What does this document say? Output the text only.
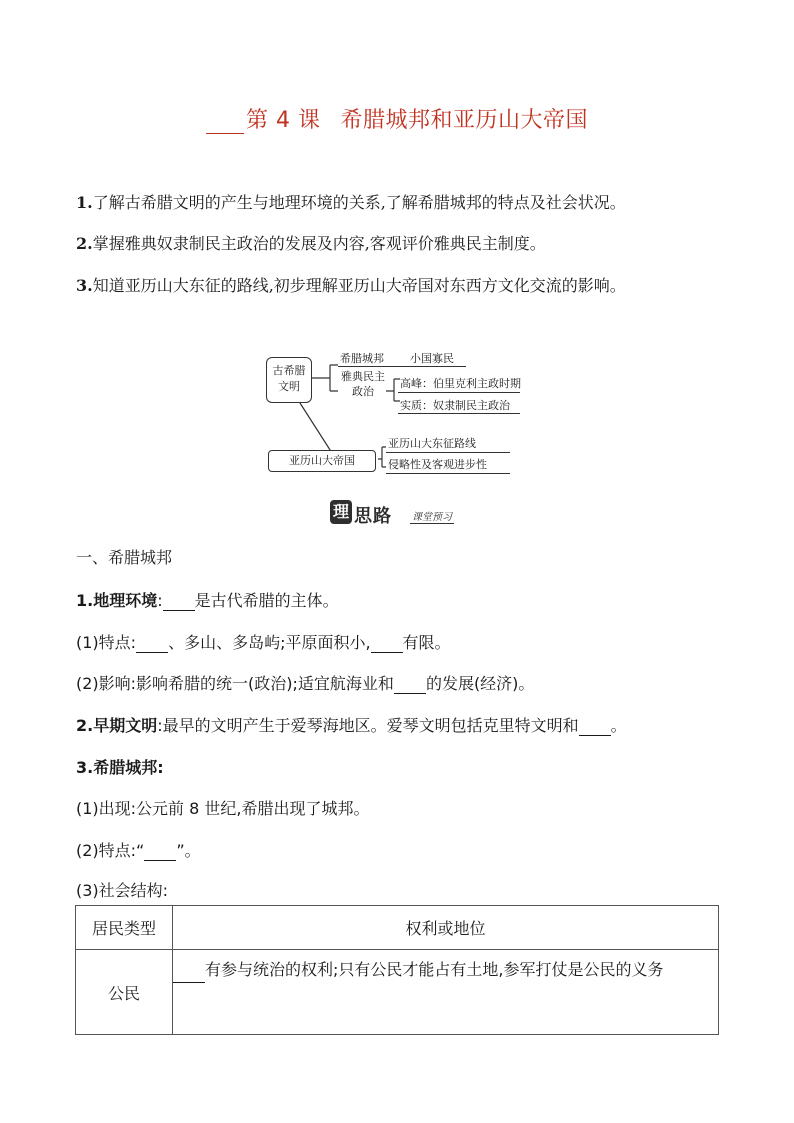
第 4 课 希腊城邦和亚历山大帝国
1.了解古希腊文明的产生与地理环境的关系,了解希腊城邦的特点及社会状况。
2.掌握雅典奴隶制民主政治的发展及内容,客观评价雅典民主制度。
3.知道亚历山大东征的路线,初步理解亚历山大帝国对东西方文化交流的影响。
古希腊
文明
希腊城邦 小国寡民
雅典民主
政治
高峰：伯里克利主政时期
实质：奴隶制民主政治
亚历山大帝国
亚历山大东征路线
侵略性及客观进步性
理 思路 课堂预习
一、希腊城邦
1.地理环境: 是古代希腊的主体。
(1)特点: 、多山、多岛屿;平原面积小, 有限。
(2)影响:影响希腊的统一(政治);适宜航海业和 的发展(经济)。
2.早期文明:最早的文明产生于爱琴海地区。爱琴文明包括克里特文明和 。
3.希腊城邦:
(1)出现:公元前 8 世纪,希腊出现了城邦。
(2)特点:“ ”。
(3)社会结构:
居民类型	权利或地位
公民	有参与统治的权利;只有公民才能占有土地,参军打仗是公民的义务
